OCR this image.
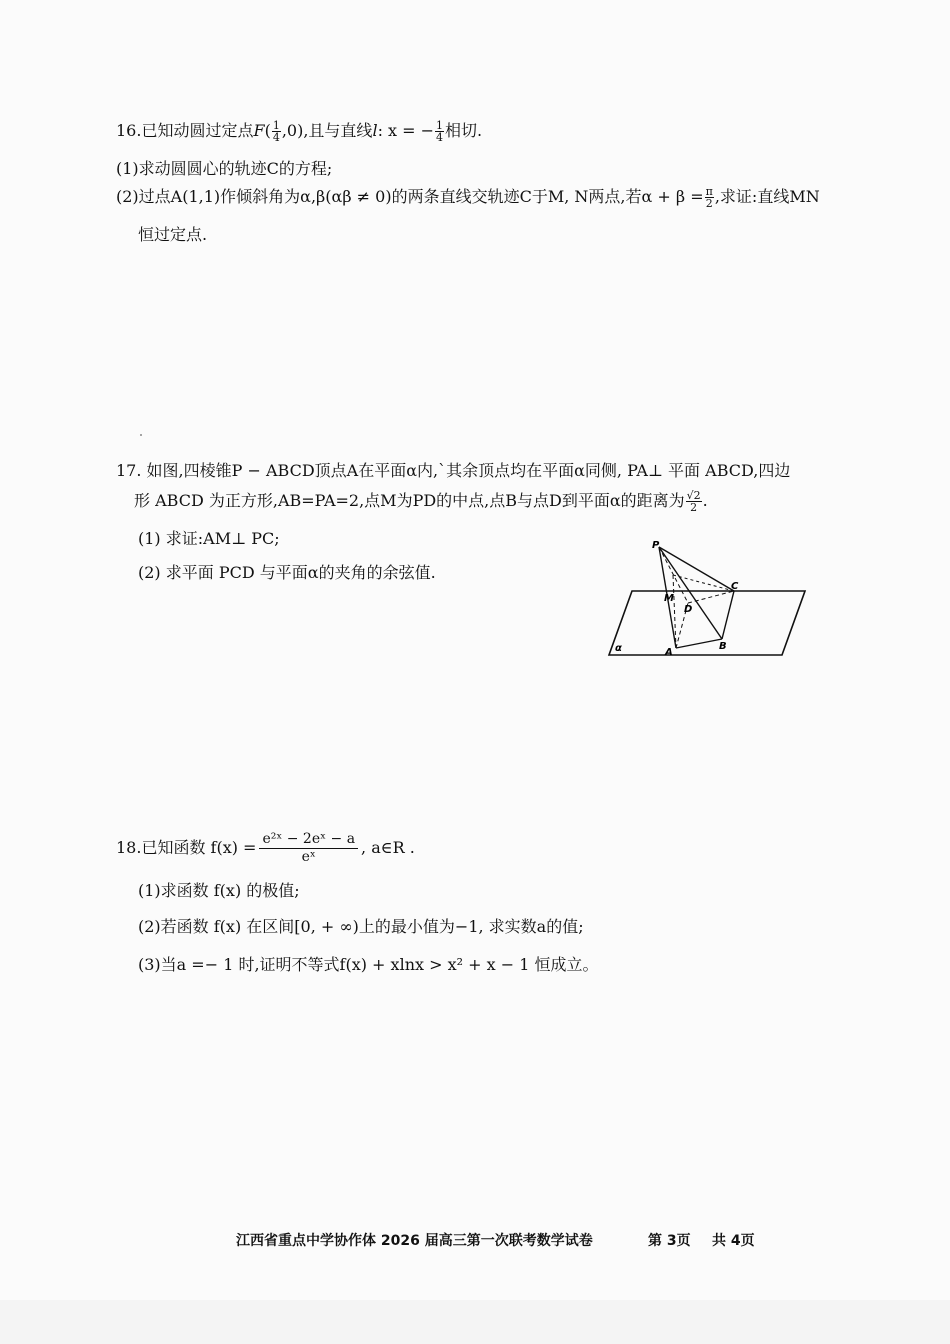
16.已知动圆过定点$F( \frac{1}{4} ,0)$,且与直线l: x = − $\frac{1}{4}$ 相切.
(1)求动圆圆心的轨迹C的方程;
(2)过点A(1,1)作倾斜角为α,β(αβ ≠ 0)的两条直线交轨迹C于M, N两点,若$\alpha + \beta = \frac{\pi}{2}$ ,求证:直线MN
恒过定点.
17. 如图,四棱锥P − ABCD顶点A在平面α内,`其余顶点均在平面α同侧, PA⊥ 平面 ABCD,四边
形 ABCD 为正方形,AB=PA=2,点M为PD的中点,点B与点D到平面α的距离为 $\frac{√2}{2}$ .
(1) 求证:AM⊥ PC;
(2) 求平面 PCD 与平面α的夹角的余弦值.
P
M
D
C
A
B
α
18.已知函数 $f(x) = \frac{\text{e²ˣ − 2eˣ − a}}{\text{eˣ}}$ , a∈R .
(1)求函数 f(x) 的极值;
(2)若函数 f(x) 在区间[0, + ∞)上的最小值为−1, 求实数a的值;
(3)当a =− 1 时,证明不等式f(x) + xlnx > x² + x − 1 恒成立。
江西省重点中学协作体 2026 届高三第一次联考数学试卷	第 3页 共 4页
